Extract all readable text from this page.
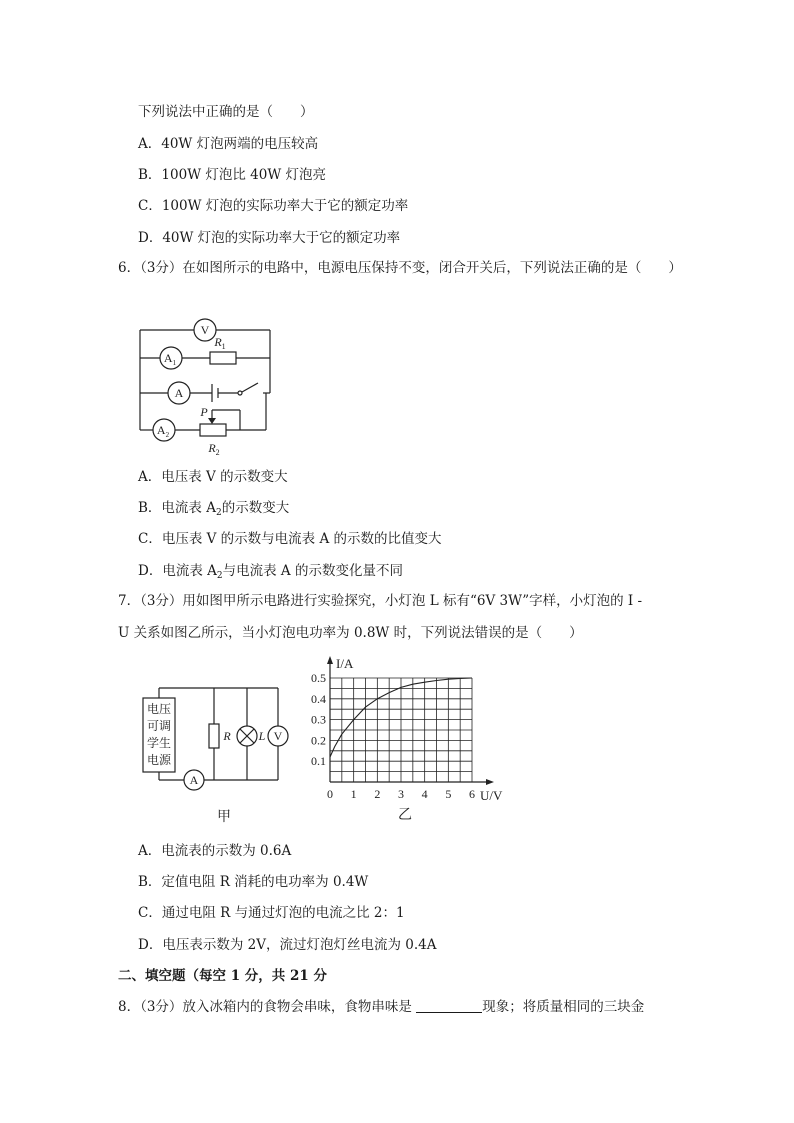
下列说法中正确的是（　　）
A．40W 灯泡两端的电压较高
B．100W 灯泡比 40W 灯泡亮
C．100W 灯泡的实际功率大于它的额定功率
D．40W 灯泡的实际功率大于它的额定功率
6．（3分）在如图所示的电路中，电源电压保持不变，闭合开关后，下列说法正确的是（　　）
V
$A_1$
A
$A_2$
$R_1$
P
$R_2$
A．电压表 V 的示数变大
B．电流表 $A_2$的示数变大
C．电压表 V 的示数与电流表 A 的示数的比值变大
D．电流表 $A_2$与电流表 A 的示数变化量不同
7．（3分）用如图甲所示电路进行实验探究，小灯泡 L 标有“6V 3W”字样，小灯泡的 I -
U 关系如图乙所示，当小灯泡电功率为 0.8W 时，下列说法错误的是（　　）
电压
可调
学生
电源
R L V
A
甲
0 1 2 3 4 5 6
0.1
0.2
0.3
0.4
0.5
I/A
U/V
乙
A．电流表的示数为 0.6A
B．定值电阻 R 消耗的电功率为 0.4W
C．通过电阻 R 与通过灯泡的电流之比 2：1
D．电压表示数为 2V，流过灯泡灯丝电流为 0.4A
二、填空题（每空 1 分，共 21 分
8．（3分）放入冰箱内的食物会串味，食物串味是	现象；将质量相同的三块金
